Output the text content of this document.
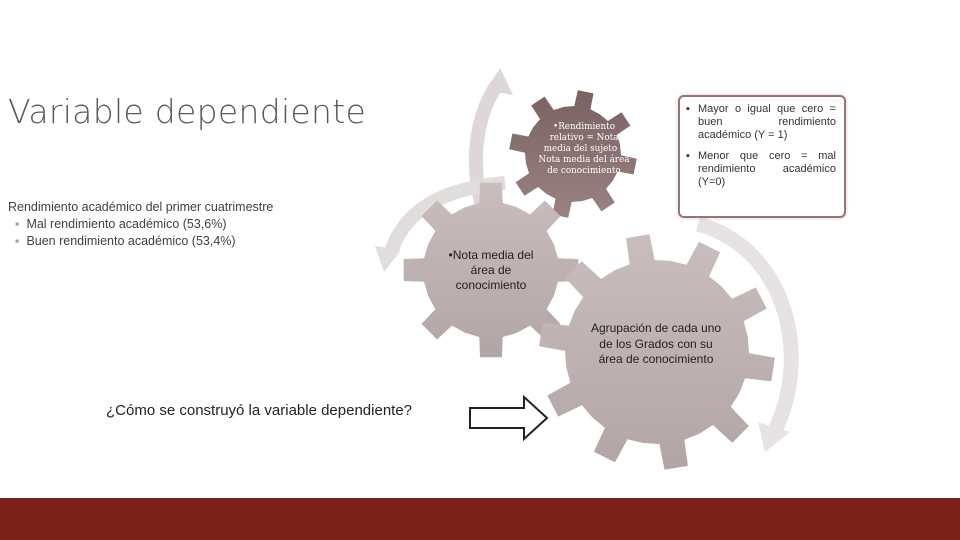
Variable dependiente
Rendimiento académico del primer cuatrimestre
▪ Mal rendimiento académico (53,6%)
▪ Buen rendimiento académico (53,4%)
•Rendimiento relativo = Nota media del sujeto – Nota media del área de conocimiento
•Nota media del área de conocimiento
Agrupación de cada uno de los Grados con su área de conocimiento
▪ Mayor o igual que cero = buen rendimiento académico (Y = 1)
▪ Menor que cero = mal rendimiento académico (Y=0)
¿Cómo se construyó la variable dependiente?
